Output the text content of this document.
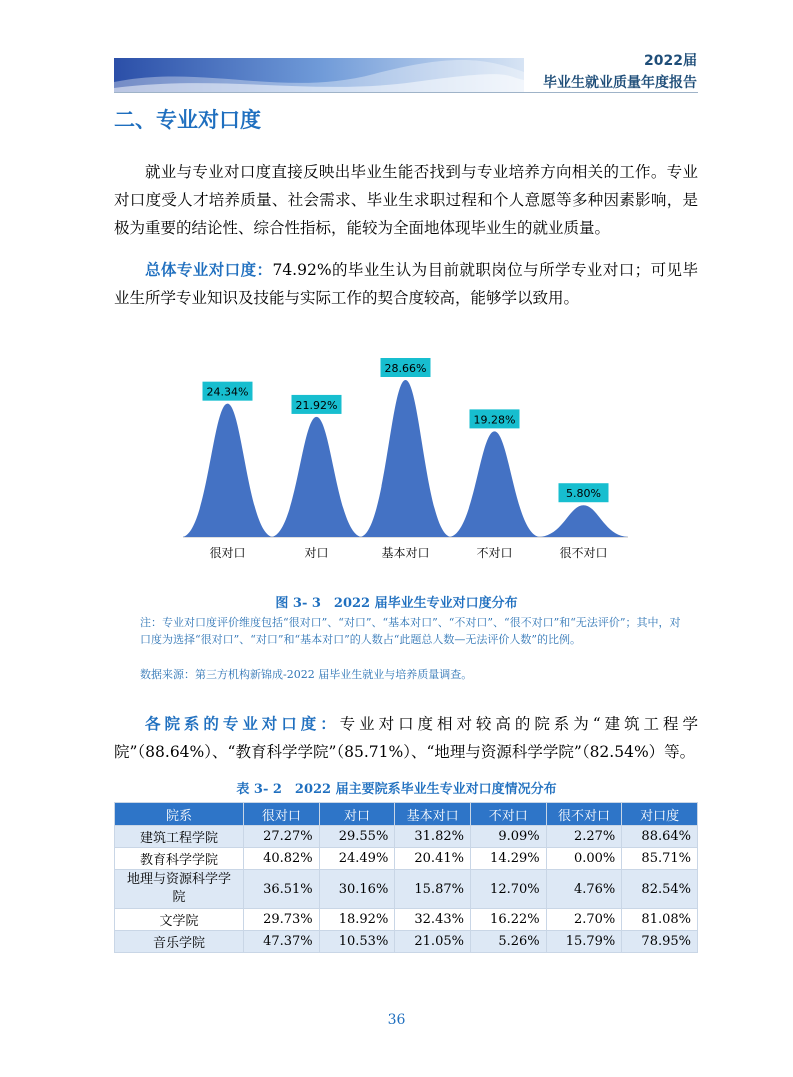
2022届
毕业生就业质量年度报告
二、专业对口度
就业与专业对口度直接反映出毕业生能否找到与专业培养方向相关的工作。专业对口度受人才培养质量、社会需求、毕业生求职过程和个人意愿等多种因素影响，是极为重要的结论性、综合性指标，能较为全面地体现毕业生的就业质量。
总体专业对口度：74.92%的毕业生认为目前就职岗位与所学专业对口；可见毕业生所学专业知识及技能与实际工作的契合度较高，能够学以致用。
24.34%
很对口
21.92%
对口
28.66%
基本对口
19.28%
不对口
5.80%
很不对口
图 3- 3　2022 届毕业生专业对口度分布
注：专业对口度评价维度包括“很对口”、“对口”、“基本对口”、“不对口”、“很不对口”和“无法评价”；其中，对口度为选择“很对口”、“对口”和“基本对口”的人数占“此题总人数—无法评价人数”的比例。
数据来源：第三方机构新锦成-2022 届毕业生就业与培养质量调查。
各院系的专业对口度：专业对口度相对较高的院系为“建筑工程学院”（88.64%）、“教育科学学院”（85.71%）、“地理与资源科学学院”（82.54%）等。
表 3- 2　2022 届主要院系毕业生专业对口度情况分布
院系	很对口	对口	基本对口	不对口	很不对口	对口度
建筑工程学院	27.27%	29.55%	31.82%	9.09%	2.27%	88.64%
教育科学学院	40.82%	24.49%	20.41%	14.29%	0.00%	85.71%
地理与资源科学学院	36.51%	30.16%	15.87%	12.70%	4.76%	82.54%
文学院	29.73%	18.92%	32.43%	16.22%	2.70%	81.08%
音乐学院	47.37%	10.53%	21.05%	5.26%	15.79%	78.95%
36
